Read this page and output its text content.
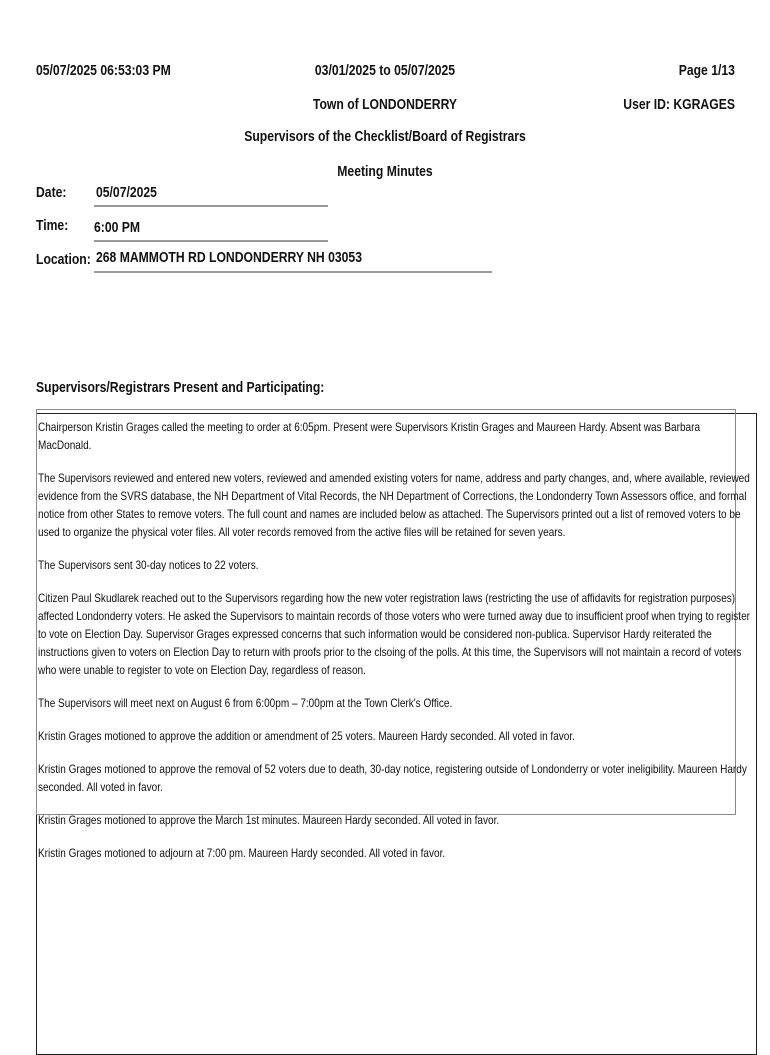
05/07/2025 06:53:03 PM	03/01/2025 to 05/07/2025	Page 1/13
Town of LONDONDERRY	User ID: KGRAGES
Supervisors of the Checklist/Board of Registrars
Meeting Minutes
Date: 05/07/2025
Time: 6:00 PM
Location: 268 MAMMOTH RD LONDONDERRY NH 03053
Supervisors/Registrars Present and Participating:

Chairperson Kristin Grages called the meeting to order at 6:05pm. Present were Supervisors Kristin Grages and Maureen Hardy. Absent was Barbara MacDonald.

The Supervisors reviewed and entered new voters, reviewed and amended existing voters for name, address and party changes, and, where available, reviewed evidence from the SVRS database, the NH Department of Vital Records, the NH Department of Corrections, the Londonderry Town Assessors office, and formal notice from other States to remove voters. The full count and names are included below as attached. The Supervisors printed out a list of removed voters to be used to organize the physical voter files. All voter records removed from the active files will be retained for seven years.

The Supervisors sent 30-day notices to 22 voters.

Citizen Paul Skudlarek reached out to the Supervisors regarding how the new voter registration laws (restricting the use of affidavits for registration purposes) affected Londonderry voters. He asked the Supervisors to maintain records of those voters who were turned away due to insufficient proof when trying to register to vote on Election Day. Supervisor Grages expressed concerns that such information would be considered non-publica. Supervisor Hardy reiterated the instructions given to voters on Election Day to return with proofs prior to the clsoing of the polls. At this time, the Supervisors will not maintain a record of voters who were unable to register to vote on Election Day, regardless of reason.

The Supervisors will meet next on August 6 from 6:00pm – 7:00pm at the Town Clerk's Office.

Kristin Grages motioned to approve the addition or amendment of 25 voters. Maureen Hardy seconded. All voted in favor.

Kristin Grages motioned to approve the removal of 52 voters due to death, 30-day notice, registering outside of Londonderry or voter ineligibility. Maureen Hardy seconded. All voted in favor.

Kristin Grages motioned to approve the March 1st minutes. Maureen Hardy seconded. All voted in favor.

Kristin Grages motioned to adjourn at 7:00 pm. Maureen Hardy seconded. All voted in favor.
